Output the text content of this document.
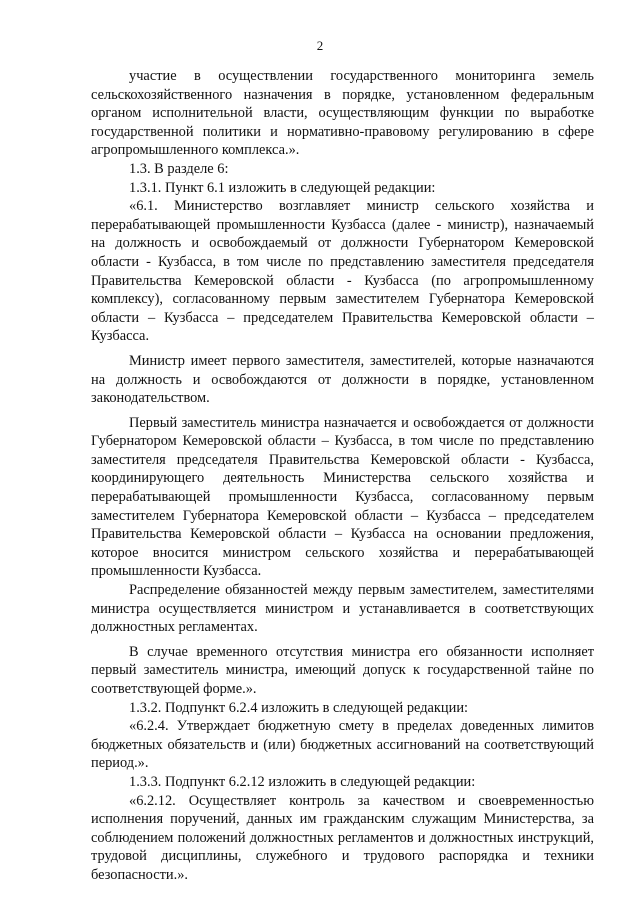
2

участие в осуществлении государственного мониторинга земель сельскохозяйственного назначения в порядке, установленном федеральным органом исполнительной власти, осуществляющим функции по выработке государственной политики и нормативно-правовому регулированию в сфере агропромышленного комплекса.».

1.3. В разделе 6:

1.3.1. Пункт 6.1 изложить в следующей редакции:

«6.1. Министерство возглавляет министр сельского хозяйства и перерабатывающей промышленности Кузбасса (далее - министр), назначаемый на должность и освобождаемый от должности Губернатором Кемеровской области - Кузбасса, в том числе по представлению заместителя председателя Правительства Кемеровской области - Кузбасса (по агропромышленному комплексу), согласованному первым заместителем Губернатора Кемеровской области – Кузбасса – председателем Правительства Кемеровской области – Кузбасса.

Министр имеет первого заместителя, заместителей, которые назначаются на должность и освобождаются от должности в порядке, установленном законодательством.

Первый заместитель министра назначается и освобождается от должности Губернатором Кемеровской области – Кузбасса, в том числе по представлению заместителя председателя Правительства Кемеровской области - Кузбасса, координирующего деятельность Министерства сельского хозяйства и перерабатывающей промышленности Кузбасса, согласованному первым заместителем Губернатора Кемеровской области – Кузбасса – председателем Правительства Кемеровской области – Кузбасса на основании предложения, которое вносится министром сельского хозяйства и перерабатывающей промышленности Кузбасса.

Распределение обязанностей между первым заместителем, заместителями министра осуществляется министром и устанавливается в соответствующих должностных регламентах.

В случае временного отсутствия министра его обязанности исполняет первый заместитель министра, имеющий допуск к государственной тайне по соответствующей форме.».

1.3.2. Подпункт 6.2.4 изложить в следующей редакции:

«6.2.4. Утверждает бюджетную смету в пределах доведенных лимитов бюджетных обязательств и (или) бюджетных ассигнований на соответствующий период.».

1.3.3. Подпункт 6.2.12 изложить в следующей редакции:

«6.2.12. Осуществляет контроль за качеством и своевременностью исполнения поручений, данных им гражданским служащим Министерства, за соблюдением положений должностных регламентов и должностных инструкций, трудовой дисциплины, служебного и трудового распорядка и техники безопасности.».
